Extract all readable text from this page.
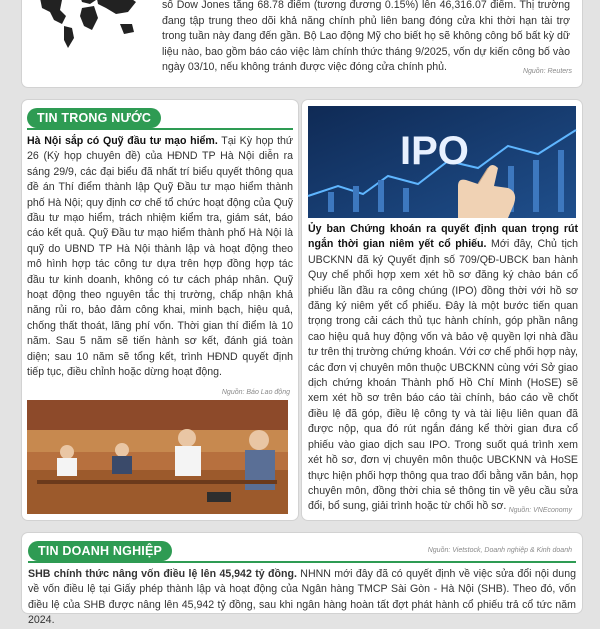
số Dow Jones tăng 68.78 điểm (tương đương 0.15%) lên 46,316.07 điểm. Thị trường đang tập trung theo dõi khả năng chính phủ liên bang đóng cửa khi thời hạn tài trợ trong tuần này đang đến gần. Bộ Lao động Mỹ cho biết họ sẽ không công bố bất kỳ dữ liệu nào, bao gồm báo cáo việc làm chính thức tháng 9/2025, vốn dự kiến công bố vào ngày 03/10, nếu không tránh được việc đóng cửa chính phủ.	Nguồn: Reuters
TIN TRONG NƯỚC
Hà Nội sắp có Quỹ đầu tư mạo hiểm. Tại Kỳ họp thứ 26 (Kỳ họp chuyên đề) của HĐND TP Hà Nội diễn ra sáng 29/9, các đại biểu đã nhất trí biểu quyết thông qua đề án Thí điểm thành lập Quỹ Đầu tư mạo hiểm thành phố Hà Nội; quy định cơ chế tổ chức hoạt động của Quỹ đầu tư mạo hiểm, trách nhiệm kiểm tra, giám sát, báo cáo kết quả. Quỹ Đầu tư mạo hiểm thành phố Hà Nội là quỹ do UBND TP Hà Nội thành lập và hoạt động theo mô hình hợp tác công tư dựa trên hợp đồng hợp tác đầu tư kinh doanh, không có tư cách pháp nhân. Quỹ hoạt động theo nguyên tắc thị trường, chấp nhận khả năng rủi ro, bảo đảm công khai, minh bạch, hiệu quả, chống thất thoát, lãng phí vốn. Thời gian thí điểm là 10 năm. Sau 5 năm sẽ tiến hành sơ kết, đánh giá toàn diện; sau 10 năm sẽ tổng kết, trình HĐND quyết định tiếp tục, điều chỉnh hoặc dừng hoạt động.
Nguồn: Báo Lao động
IPO
Ủy ban Chứng khoán ra quyết định quan trọng rút ngắn thời gian niêm yết cổ phiếu. Mới đây, Chủ tịch UBCKNN đã ký Quyết định số 709/QĐ-UBCK ban hành Quy chế phối hợp xem xét hồ sơ đăng ký chào bán cổ phiếu lần đầu ra công chúng (IPO) đồng thời với hồ sơ đăng ký niêm yết cổ phiếu. Đây là một bước tiến quan trọng trong cải cách thủ tục hành chính, góp phần nâng cao hiệu quả huy động vốn và bảo vệ quyền lợi nhà đầu tư trên thị trường chứng khoán. Với cơ chế phối hợp này, các đơn vị chuyên môn thuộc UBCKNN cùng với Sở giao dịch chứng khoán Thành phố Hồ Chí Minh (HoSE) sẽ xem xét hồ sơ trên báo cáo tài chính, báo cáo về chốt điều lệ đã góp, điều lệ công ty và tài liệu liên quan đã được nộp, qua đó rút ngắn đáng kể thời gian đưa cổ phiếu vào giao dịch sau IPO. Trong suốt quá trình xem xét hồ sơ, đơn vị chuyên môn thuộc UBCKNN và HoSE thực hiện phối hợp thông qua trao đổi bằng văn bản, họp chuyên môn, đồng thời chia sẻ thông tin về yêu cầu sửa đổi, bổ sung, giải trình hoặc từ chối hồ sơ. Nguồn: VNEconomy
TIN DOANH NGHIỆP	Nguồn: Vietstock, Doanh nghiệp & Kinh doanh
SHB chính thức nâng vốn điều lệ lên 45,942 tỷ đồng. NHNN mới đây đã có quyết định về việc sửa đổi nội dung về vốn điều lệ tại Giấy phép thành lập và hoạt động của Ngân hàng TMCP Sài Gòn - Hà Nội (SHB). Theo đó, vốn điều lệ của SHB được nâng lên 45,942 tỷ đồng, sau khi ngân hàng hoàn tất đợt phát hành cổ phiếu trả cổ tức năm 2024.
